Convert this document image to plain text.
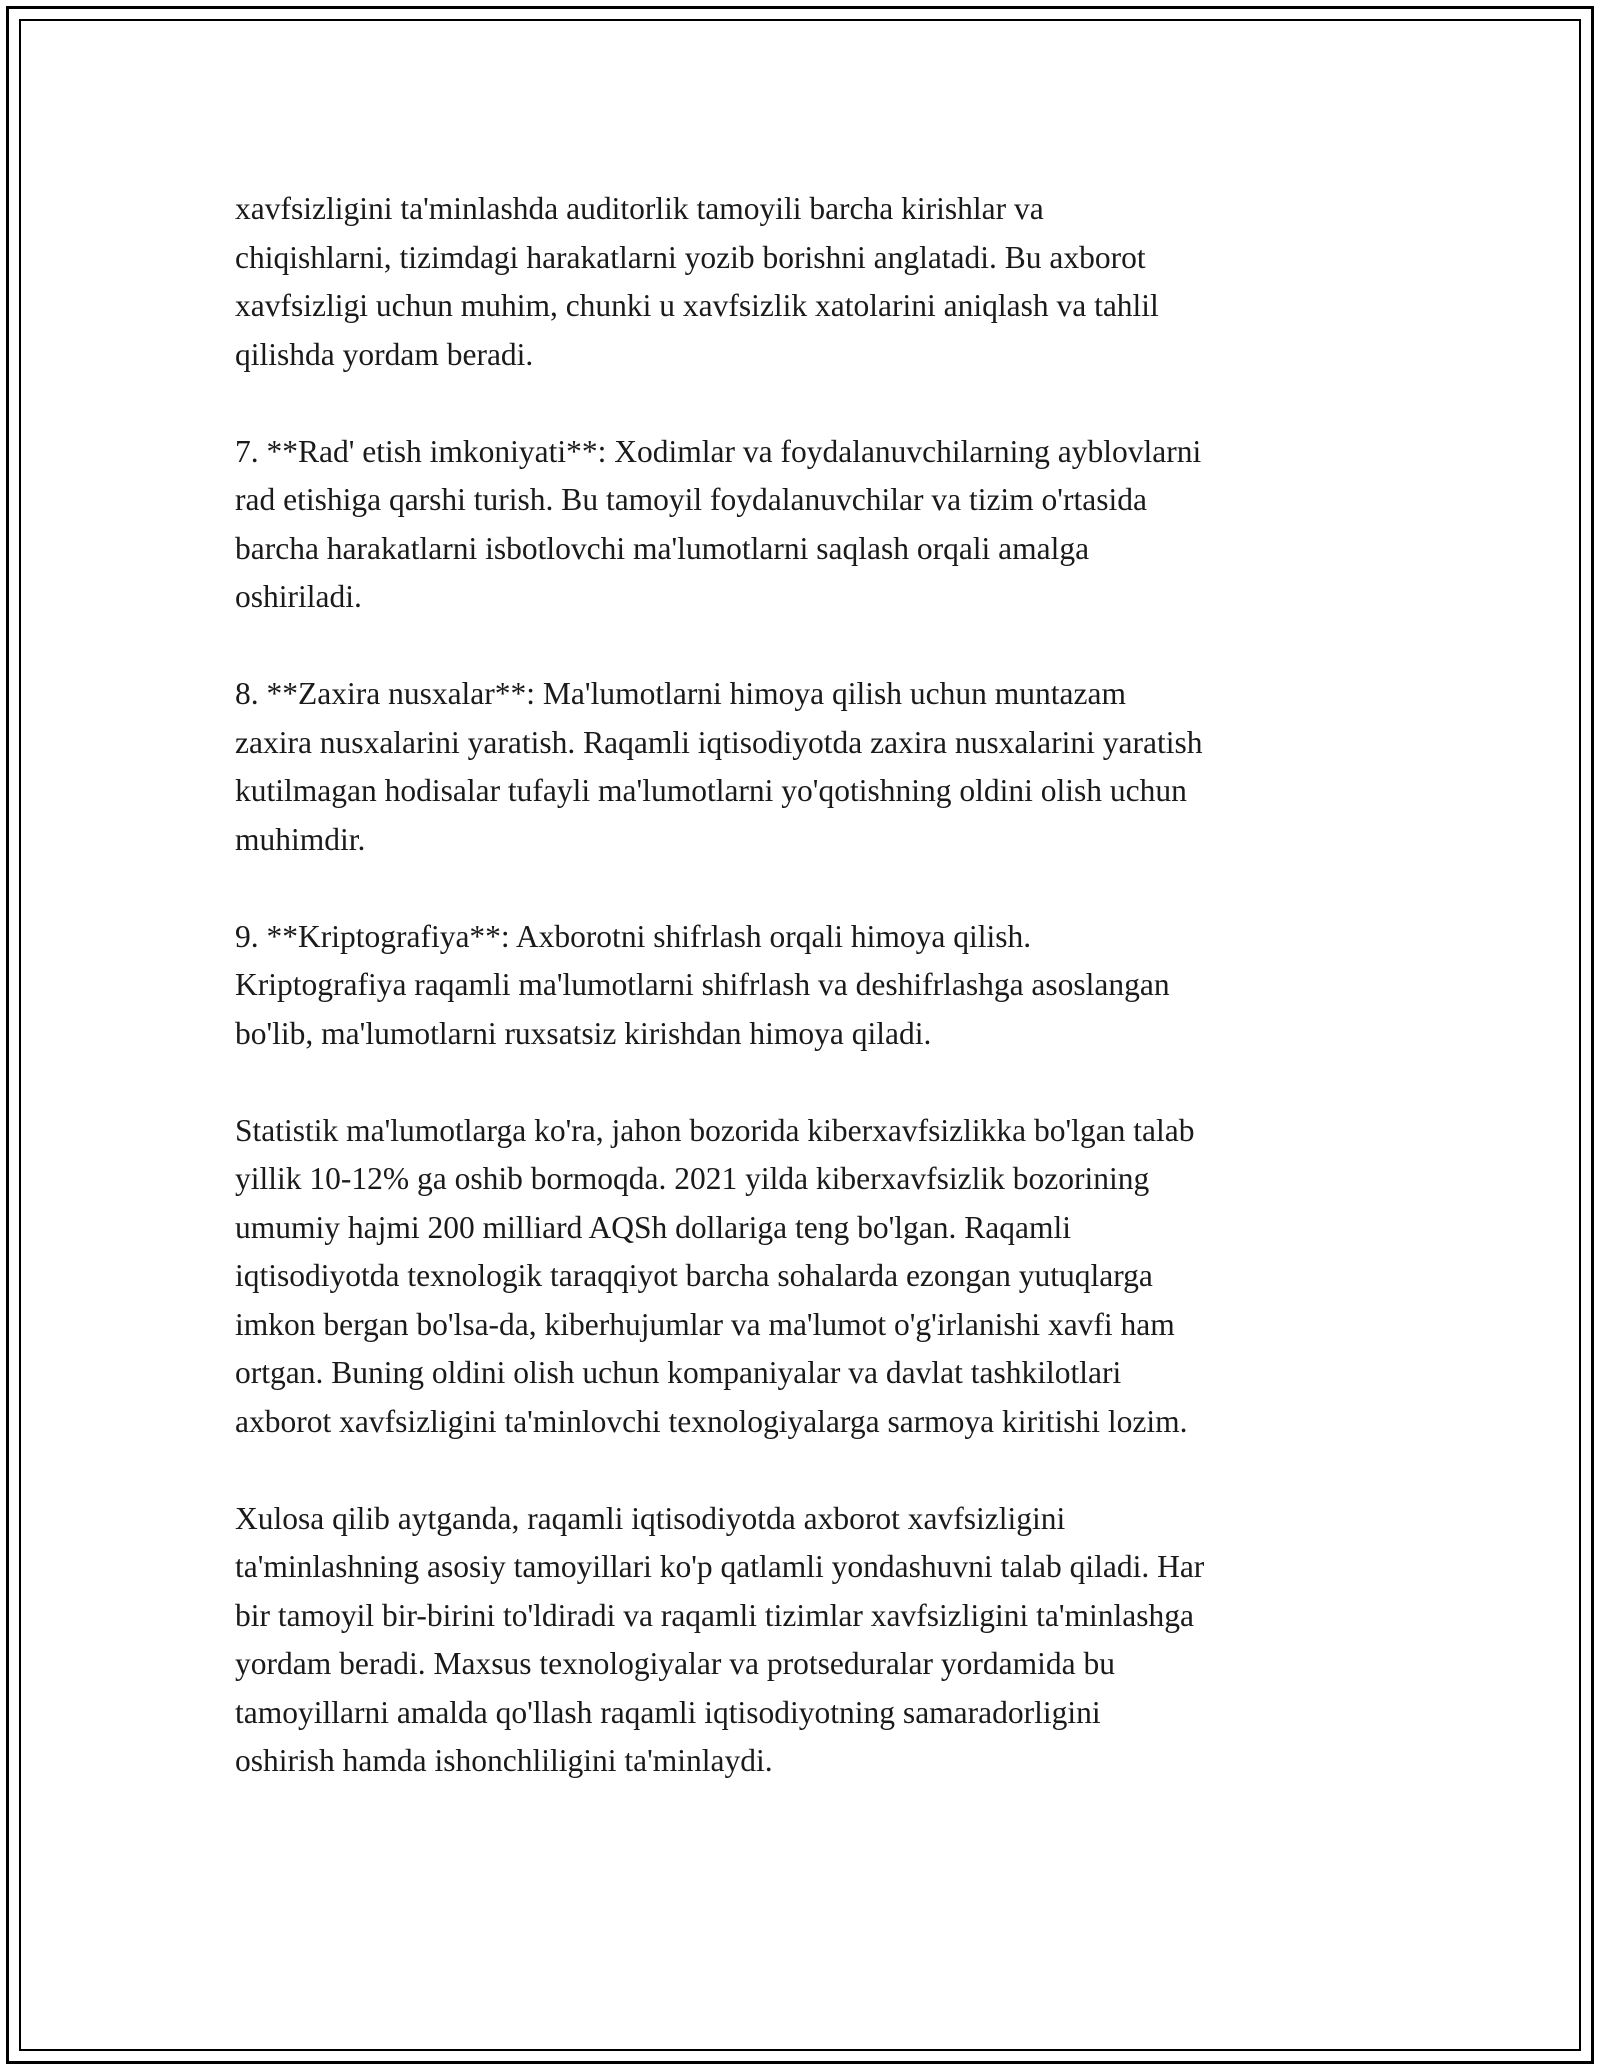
xavfsizligini ta'minlashda auditorlik tamoyili barcha kirishlar va
chiqishlarni, tizimdagi harakatlarni yozib borishni anglatadi. Bu axborot
xavfsizligi uchun muhim, chunki u xavfsizlik xatolarini aniqlash va tahlil
qilishda yordam beradi.

7. **Rad' etish imkoniyati**: Xodimlar va foydalanuvchilarning ayblovlarni
rad etishiga qarshi turish. Bu tamoyil foydalanuvchilar va tizim o'rtasida
barcha harakatlarni isbotlovchi ma'lumotlarni saqlash orqali amalga
oshiriladi.

8. **Zaxira nusxalar**: Ma'lumotlarni himoya qilish uchun muntazam
zaxira nusxalarini yaratish. Raqamli iqtisodiyotda zaxira nusxalarini yaratish
kutilmagan hodisalar tufayli ma'lumotlarni yo'qotishning oldini olish uchun
muhimdir.

9. **Kriptografiya**: Axborotni shifrlash orqali himoya qilish.
Kriptografiya raqamli ma'lumotlarni shifrlash va deshifrlashga asoslangan
bo'lib, ma'lumotlarni ruxsatsiz kirishdan himoya qiladi.

Statistik ma'lumotlarga ko'ra, jahon bozorida kiberxavfsizlikka bo'lgan talab
yillik 10-12% ga oshib bormoqda. 2021 yilda kiberxavfsizlik bozorining
umumiy hajmi 200 milliard AQSh dollariga teng bo'lgan. Raqamli
iqtisodiyotda texnologik taraqqiyot barcha sohalarda ezongan yutuqlarga
imkon bergan bo'lsa-da, kiberhujumlar va ma'lumot o'g'irlanishi xavfi ham
ortgan. Buning oldini olish uchun kompaniyalar va davlat tashkilotlari
axborot xavfsizligini ta'minlovchi texnologiyalarga sarmoya kiritishi lozim.

Xulosa qilib aytganda, raqamli iqtisodiyotda axborot xavfsizligini
ta'minlashning asosiy tamoyillari ko'p qatlamli yondashuvni talab qiladi. Har
bir tamoyil bir-birini to'ldiradi va raqamli tizimlar xavfsizligini ta'minlashga
yordam beradi. Maxsus texnologiyalar va protseduralar yordamida bu
tamoyillarni amalda qo'llash raqamli iqtisodiyotning samaradorligini
oshirish hamda ishonchliligini ta'minlaydi.
